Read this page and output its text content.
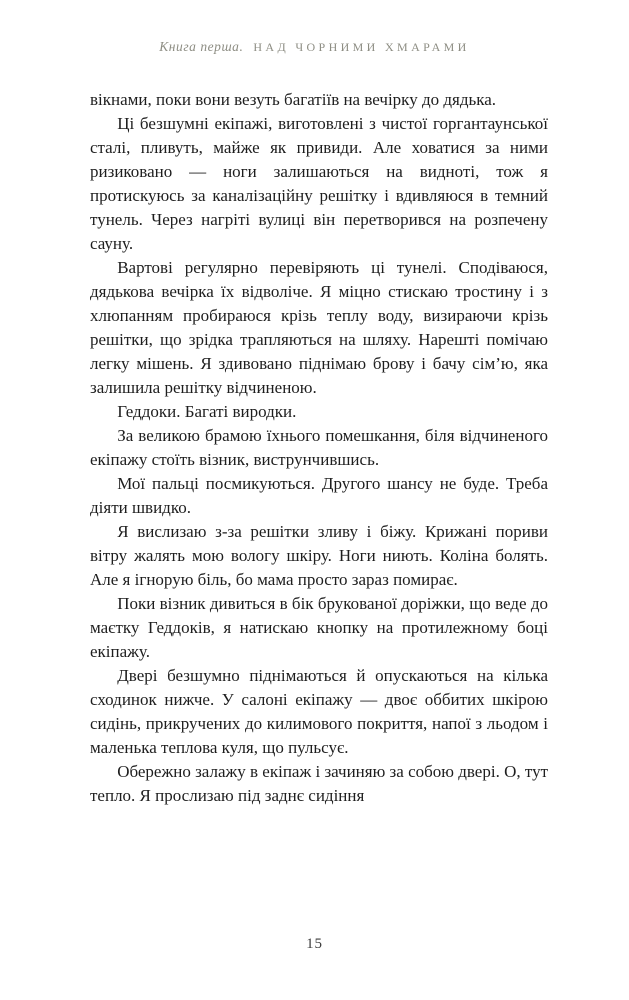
Книга перша. НАД ЧОРНИМИ ХМАРАМИ

вікнами, поки вони везуть багатіїв на вечірку до дядька.

Ці безшумні екіпажі, виготовлені з чистої горгантаунської сталі, пливуть, майже як привиди. Але ховатися за ними ризиковано — ноги залишаються на видноті, тож я протискуюсь за каналізаційну решітку і вдивляюся в темний тунель. Через нагріті вулиці він перетворився на розпечену сауну.

Вартові регулярно перевіряють ці тунелі. Сподіваюся, дядькова вечірка їх відволіче. Я міцно стискаю тростину і з хлюпанням пробираюся крізь теплу воду, визираючи крізь решітки, що зрідка трапляються на шляху. Нарешті помічаю легку мішень. Я здивовано піднімаю брову і бачу сім’ю, яка залишила решітку відчиненою.

Геддоки. Багаті виродки.

За великою брамою їхнього помешкання, біля відчиненого екіпажу стоїть візник, виструнчившись.

Мої пальці посмикуються. Другого шансу не буде. Треба діяти швидко.

Я вислизаю з-за решітки зливу і біжу. Крижані пориви вітру жалять мою вологу шкіру. Ноги ниють. Коліна болять. Але я ігнорую біль, бо мама просто зараз помирає.

Поки візник дивиться в бік брукованої доріжки, що веде до маєтку Геддоків, я натискаю кнопку на протилежному боці екіпажу.

Двері безшумно піднімаються й опускаються на кілька сходинок нижче. У салоні екіпажу — двоє оббитих шкірою сидінь, прикручених до килимового покриття, напої з льодом і маленька теплова куля, що пульсує.

Обережно залажу в екіпаж і зачиняю за собою двері. О, тут тепло. Я прослизаю під заднє сидіння

15
